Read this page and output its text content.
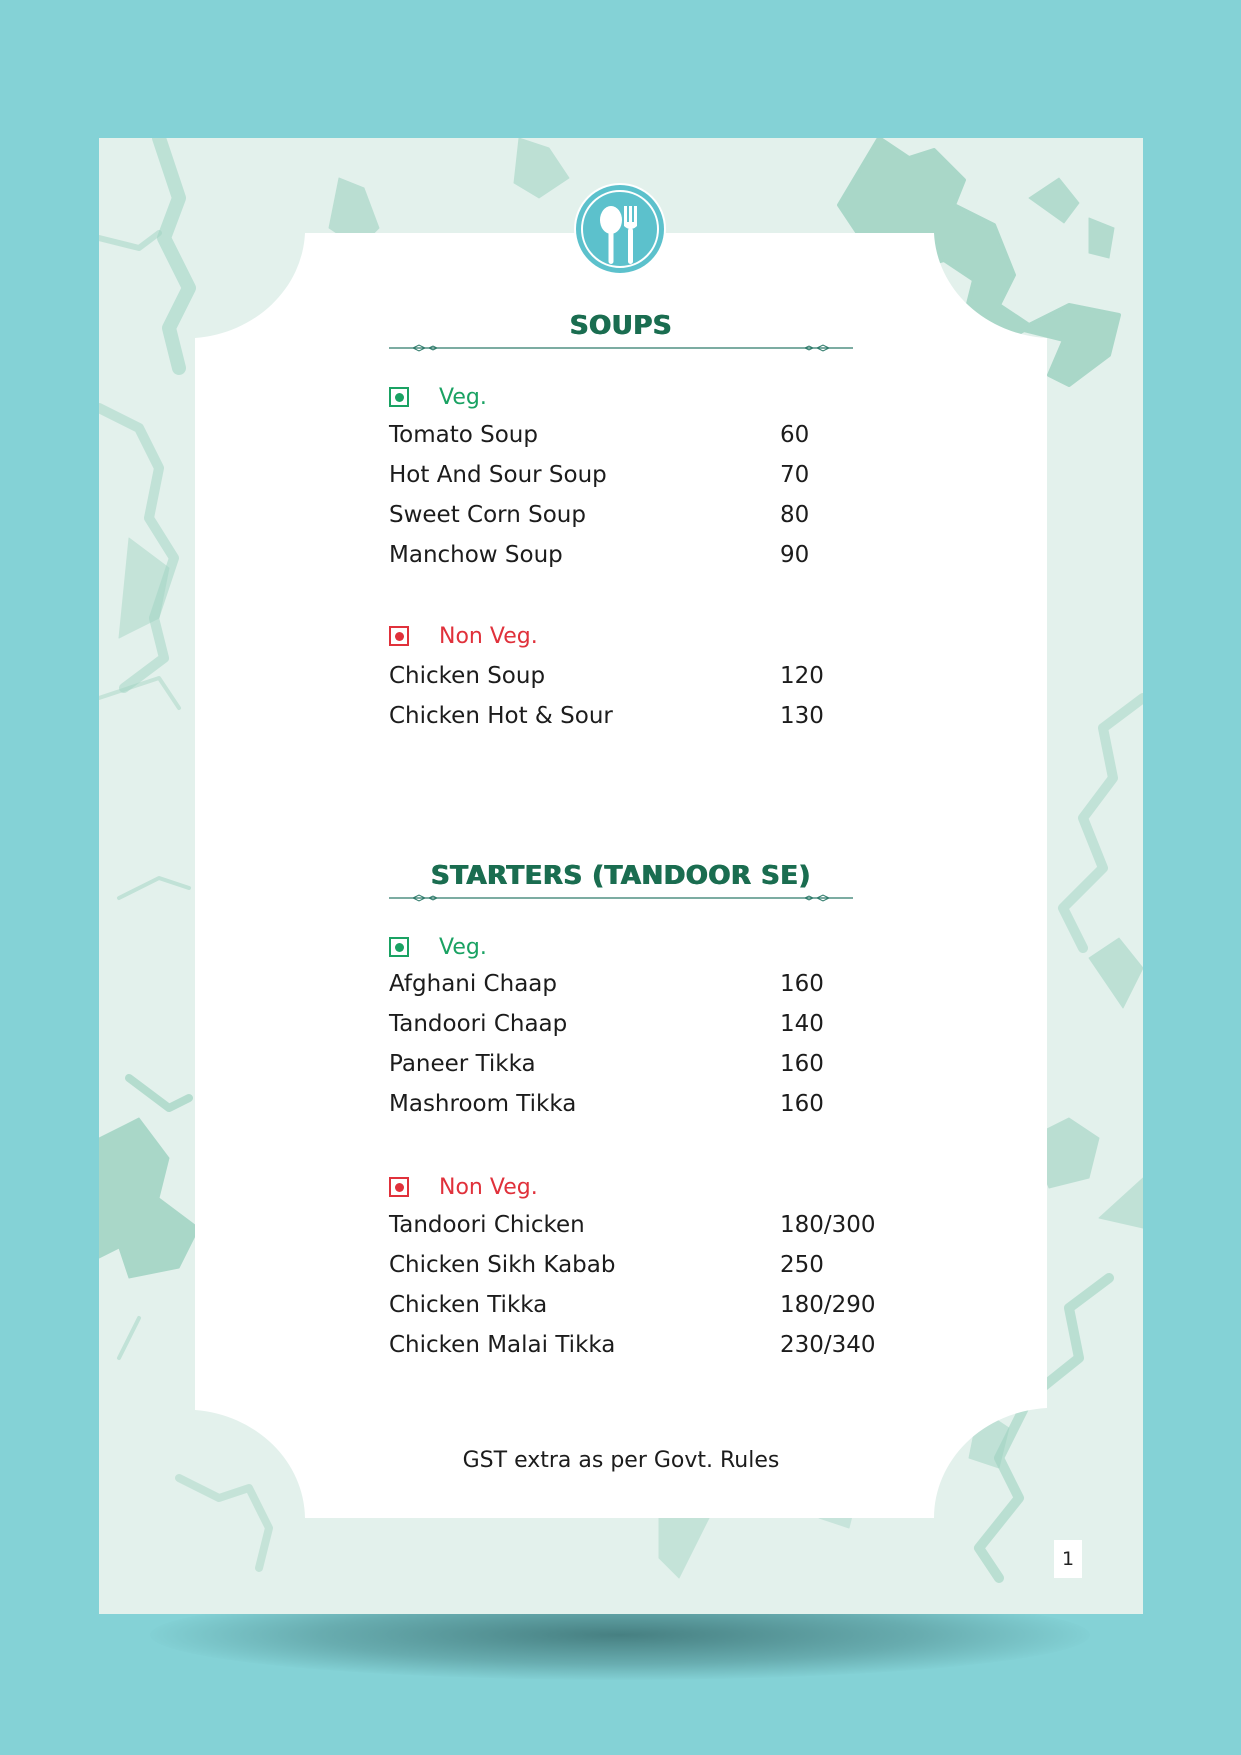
SOUPS
Veg.
Tomato Soup	60
Hot And Sour Soup	70
Sweet Corn Soup	80
Manchow Soup	90
Non Veg.
Chicken Soup	120
Chicken Hot & Sour	130
STARTERS (TANDOOR SE)
Veg.
Afghani Chaap	160
Tandoori Chaap	140
Paneer Tikka	160
Mashroom Tikka	160
Non Veg.
Tandoori Chicken	180/300
Chicken Sikh Kabab	250
Chicken Tikka	180/290
Chicken Malai Tikka	230/340
GST extra as per Govt. Rules
1
